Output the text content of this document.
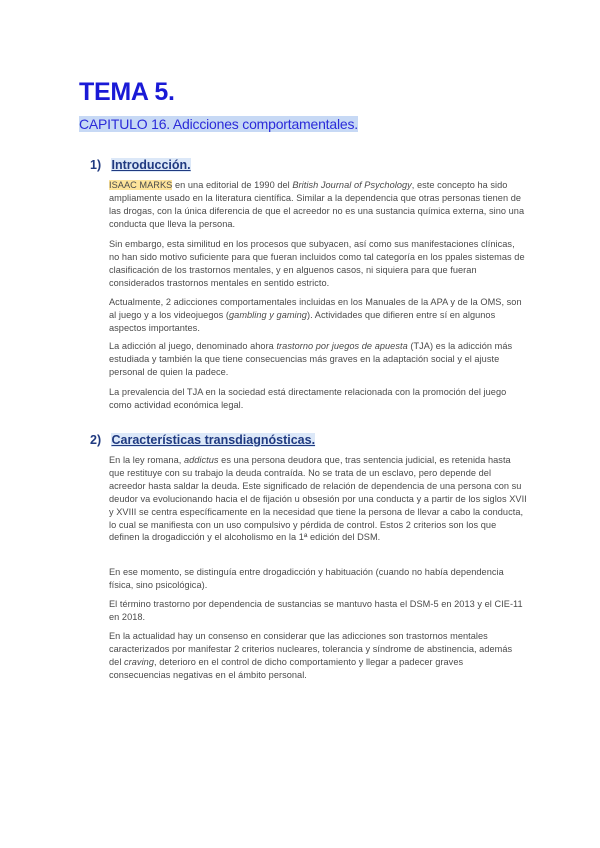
TEMA 5.

CAPITULO 16. Adicciones comportamentales.

1) Introducción.

ISAAC MARKS en una editorial de 1990 del British Journal of Psychology, este concepto ha sido ampliamente usado en la literatura científica. Similar a la dependencia que otras personas tienen de las drogas, con la única diferencia de que el acreedor no es una sustancia química externa, sino una conducta que lleva la persona.

Sin embargo, esta similitud en los procesos que subyacen, así como sus manifestaciones clínicas, no han sido motivo suficiente para que fueran incluidos como tal categoría en los ppales sistemas de clasificación de los trastornos mentales, y en alguenos casos, ni siquiera para que fueran considerados trastornos mentales en sentido estricto.

Actualmente, 2 adicciones comportamentales incluidas en los Manuales de la APA y de la OMS, son al juego y a los videojuegos (gambling y gaming). Actividades que difieren entre sí en algunos aspectos importantes.

La adicción al juego, denominado ahora trastorno por juegos de apuesta (TJA) es la adicción más estudiada y también la que tiene consecuencias más graves en la adaptación social y el ajuste personal de quien la padece.

La prevalencia del TJA en la sociedad está directamente relacionada con la promoción del juego como actividad económica legal.

2) Características transdiagnósticas.

En la ley romana, addictus es una persona deudora que, tras sentencia judicial, es retenida hasta que restituye con su trabajo la deuda contraída. No se trata de un esclavo, pero depende del acreedor hasta saldar la deuda. Este significado de relación de dependencia de una persona con su deudor va evolucionando hacia el de fijación u obsesión por una conducta y a partir de los siglos XVII y XVIII se centra específicamente en la necesidad que tiene la persona de llevar a cabo la conducta, lo cual se manifiesta con un uso compulsivo y pérdida de control. Estos 2 criterios son los que definen la drogadicción y el alcoholismo en la 1ª edición del DSM.

En ese momento, se distinguía entre drogadicción y habituación (cuando no había dependencia física, sino psicológica).

El término trastorno por dependencia de sustancias se mantuvo hasta el DSM-5 en 2013 y el CIE-11 en 2018.

En la actualidad hay un consenso en considerar que las adicciones son trastornos mentales caracterizados por manifestar 2 criterios nucleares, tolerancia y síndrome de abstinencia, además del craving, deterioro en el control de dicho comportamiento y llegar a padecer graves consecuencias negativas en el ámbito personal.
